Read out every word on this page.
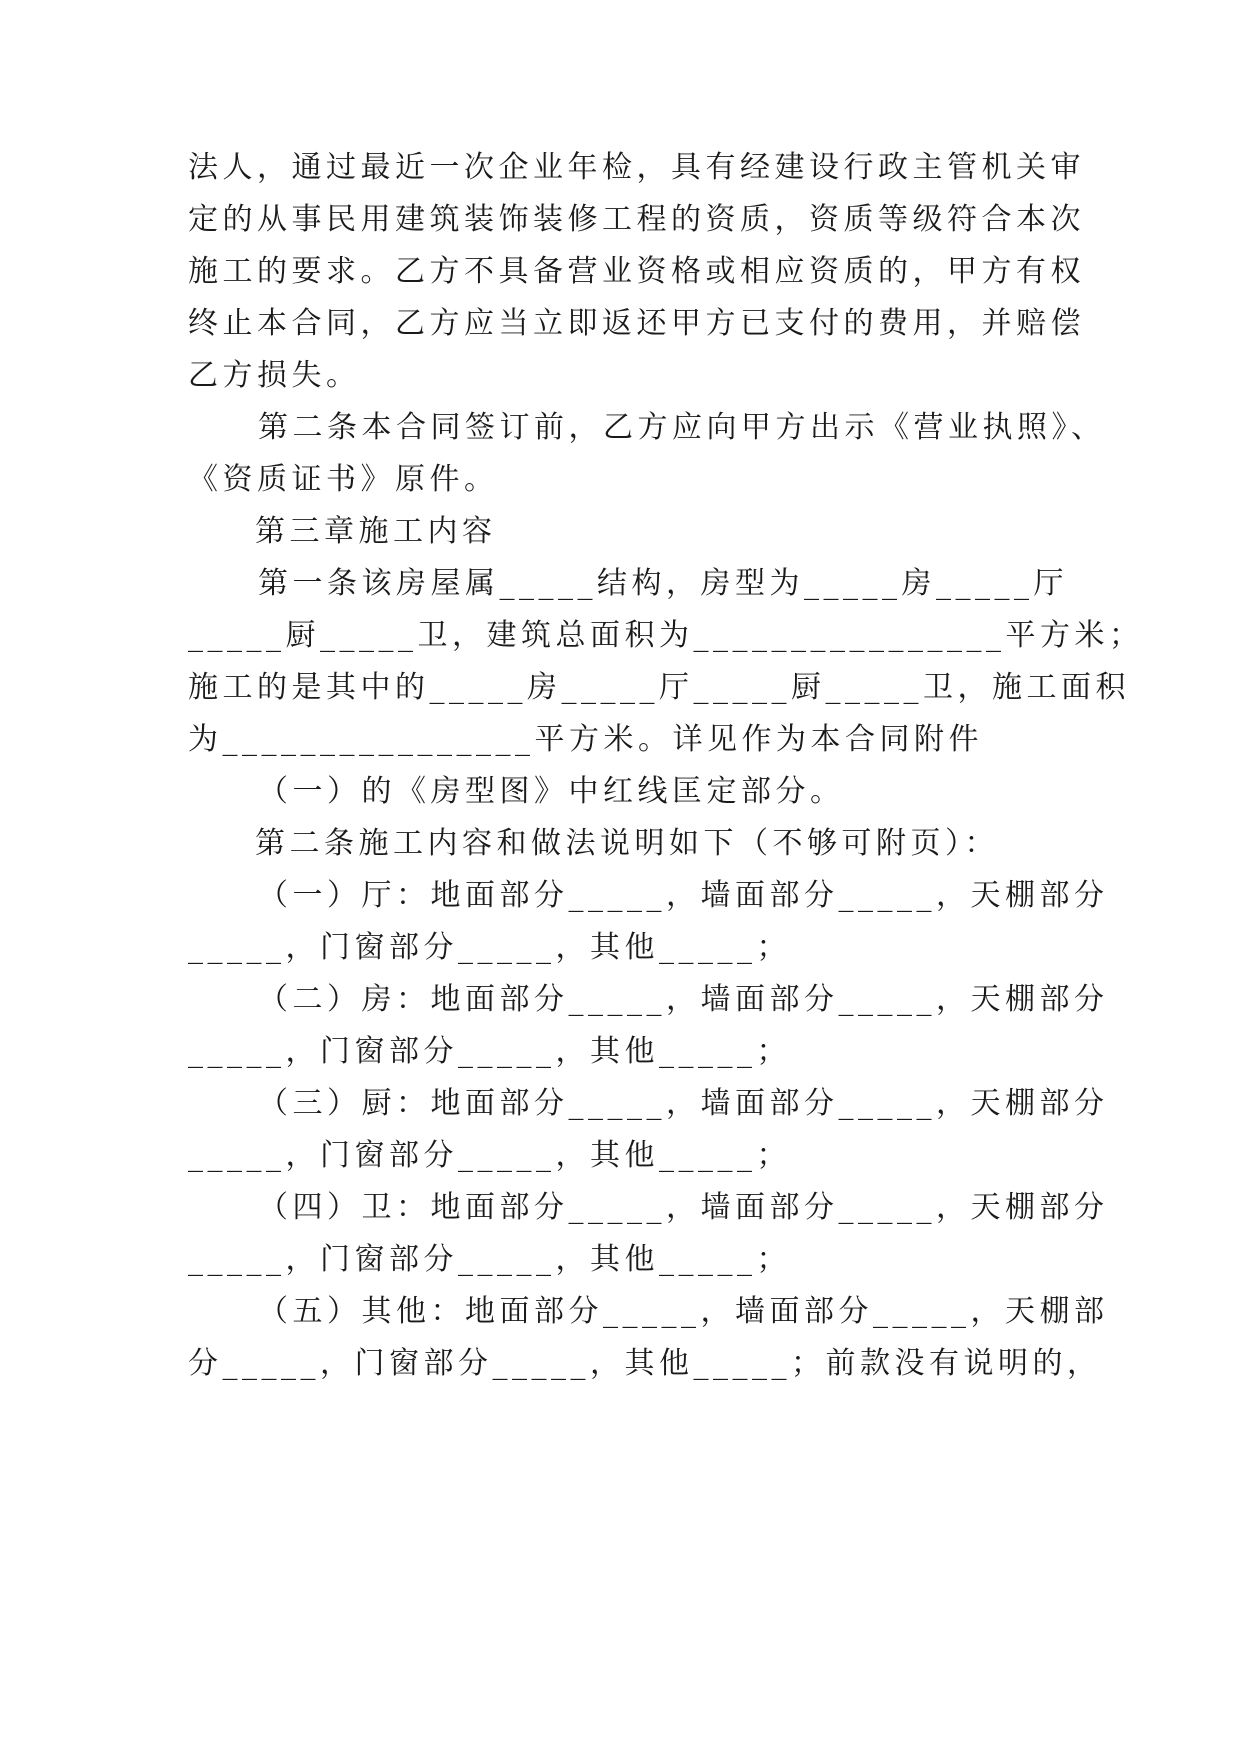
法人，通过最近一次企业年检，具有经建设行政主管机关审

定的从事民用建筑装饰装修工程的资质，资质等级符合本次

施工的要求。乙方不具备营业资格或相应资质的，甲方有权

终止本合同，乙方应当立即返还甲方已支付的费用，并赔偿

乙方损失。

第二条本合同签订前，乙方应向甲方出示《营业执照》、

《资质证书》原件。

第三章施工内容

第一条该房屋属_____结构，房型为_____房_____厅

_____厨_____卫，建筑总面积为________________平方米；

施工的是其中的_____房_____厅_____厨_____卫，施工面积

为________________平方米。详见作为本合同附件

（一）的《房型图》中红线匡定部分。

第二条施工内容和做法说明如下（不够可附页）：

（一）厅：地面部分_____，墙面部分_____，天棚部分

_____，门窗部分_____，其他_____；

（二）房：地面部分_____，墙面部分_____，天棚部分

_____，门窗部分_____，其他_____；

（三）厨：地面部分_____，墙面部分_____，天棚部分

_____，门窗部分_____，其他_____；

（四）卫：地面部分_____，墙面部分_____，天棚部分

_____，门窗部分_____，其他_____；

（五）其他：地面部分_____，墙面部分_____，天棚部

分_____，门窗部分_____，其他_____；前款没有说明的，
